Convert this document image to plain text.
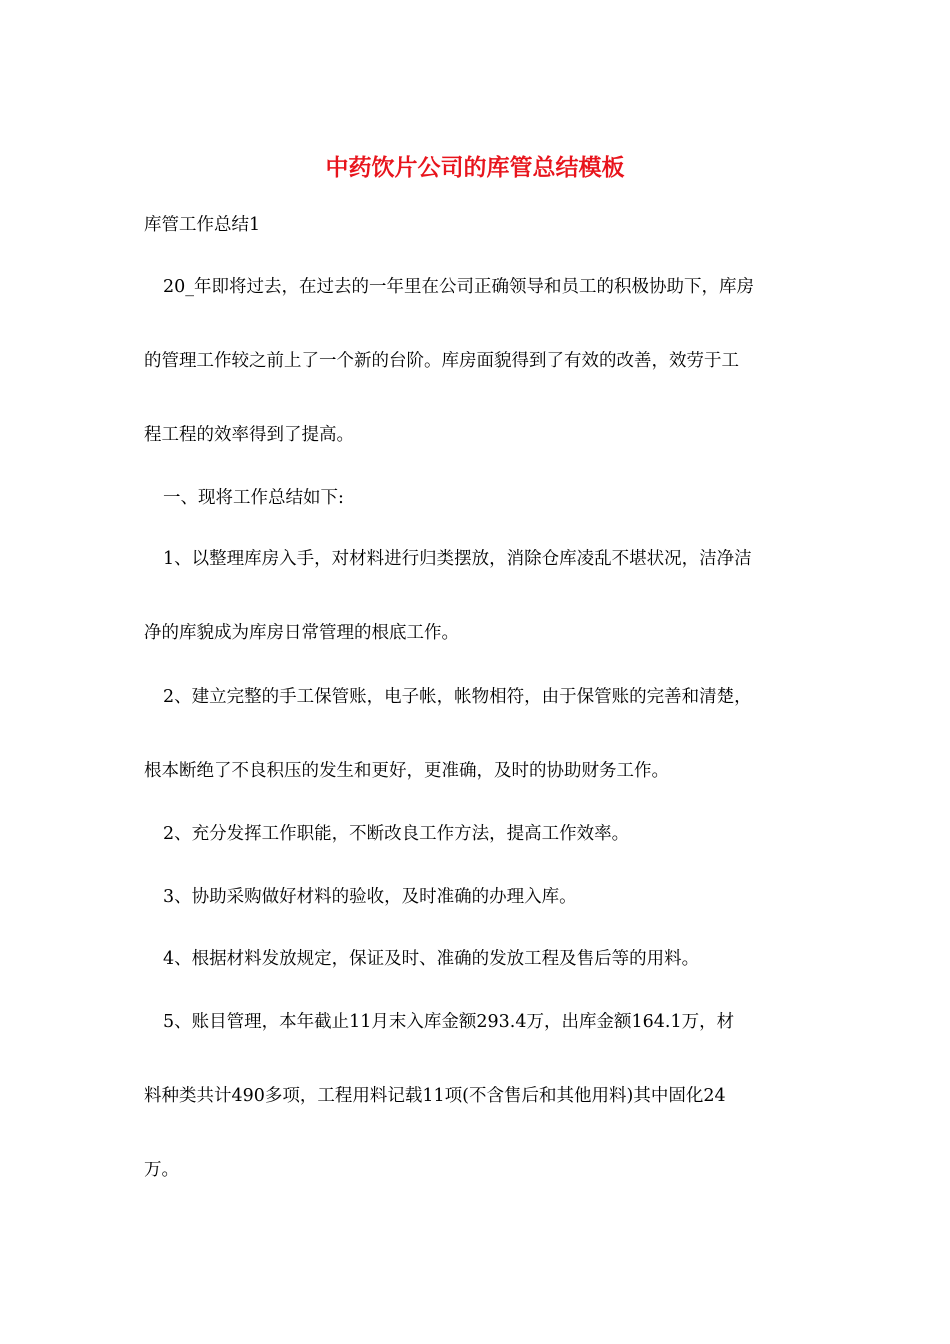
中药饮片公司的库管总结模板
库管工作总结1
20_年即将过去，在过去的一年里在公司正确领导和员工的积极协助下，库房
的管理工作较之前上了一个新的台阶。库房面貌得到了有效的改善，效劳于工
程工程的效率得到了提高。
一、现将工作总结如下:
1、以整理库房入手，对材料进行归类摆放，消除仓库凌乱不堪状况，洁净洁
净的库貌成为库房日常管理的根底工作。
2、建立完整的手工保管账，电子帐，帐物相符，由于保管账的完善和清楚，
根本断绝了不良积压的发生和更好，更准确，及时的协助财务工作。
2、充分发挥工作职能，不断改良工作方法，提高工作效率。
3、协助采购做好材料的验收，及时准确的办理入库。
4、根据材料发放规定，保证及时、准确的发放工程及售后等的用料。
5、账目管理，本年截止11月末入库金额293.4万，出库金额164.1万，材
料种类共计490多项，工程用料记载11项(不含售后和其他用料)其中固化24
万。
